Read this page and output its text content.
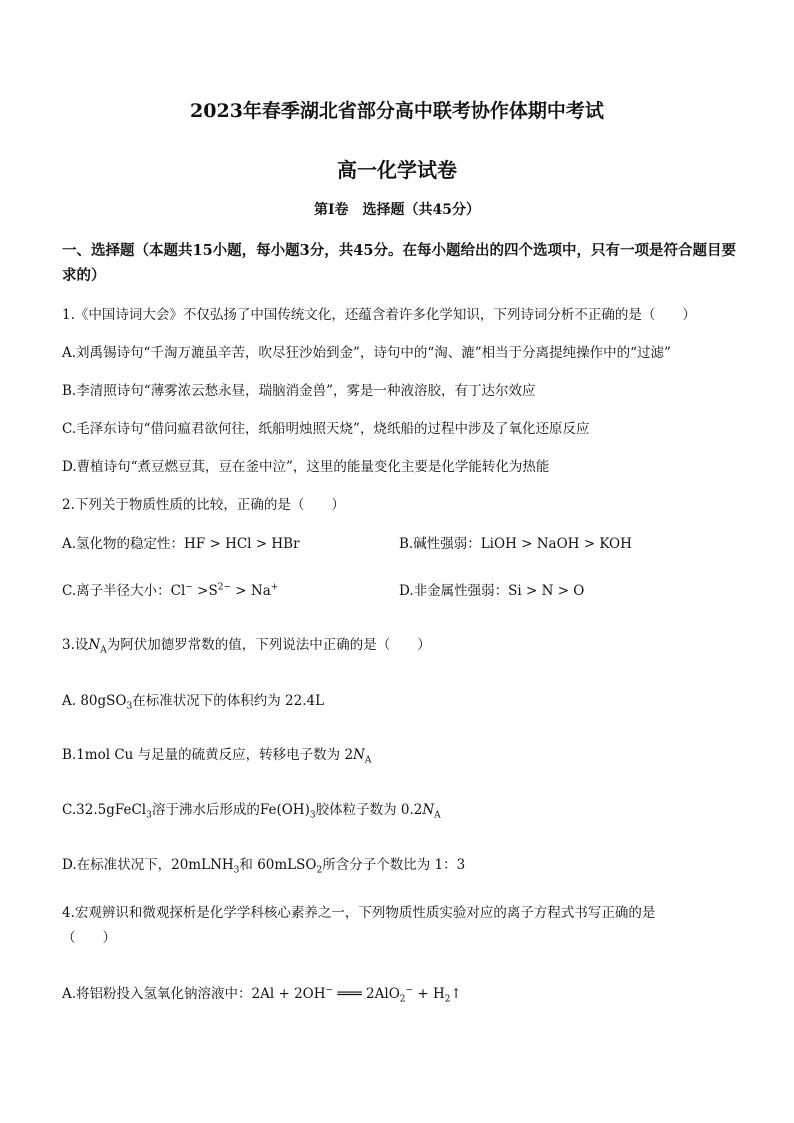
2023年春季湖北省部分高中联考协作体期中考试
高一化学试卷
第Ⅰ卷　选择题（共45分）
一、选择题（本题共15小题，每小题3分，共45分。在每小题给出的四个选项中，只有一项是符合题目要求的）
1.《中国诗词大会》不仅弘扬了中国传统文化，还蕴含着许多化学知识，下列诗词分析不正确的是（　　）
A.刘禹锡诗句“千淘万漉虽辛苦，吹尽狂沙始到金”，诗句中的“淘、漉”相当于分离提纯操作中的“过滤”
B.李清照诗句“薄雾浓云愁永昼，瑞脑消金兽”，雾是一种液溶胶，有丁达尔效应
C.毛泽东诗句“借问瘟君欲何往，纸船明烛照天烧”，烧纸船的过程中涉及了氧化还原反应
D.曹植诗句“煮豆燃豆萁，豆在釜中泣”，这里的能量变化主要是化学能转化为热能
2.下列关于物质性质的比较，正确的是（　　）
A.氢化物的稳定性：HF > HCl > HBr	B.碱性强弱：LiOH > NaOH > KOH
C.离子半径大小：$Cl^- >S^{2-} > Na^+$	D.非金属性强弱：Si > N > O
3.设$N_A$为阿伏加德罗常数的值，下列说法中正确的是（　　）
A. 80gSO$_3$在标准状况下的体积约为 22.4L
B.1mol Cu 与足量的硫黄反应，转移电子数为 $2N_A$
C.32.5gFeCl$_3$溶于沸水后形成的$Fe(OH)_3$胶体粒子数为 $0.2N_A$
D.在标准状况下，20mLNH$_3$和 60mLSO$_2$所含分子个数比为 1：3
4.宏观辨识和微观探析是化学学科核心素养之一，下列物质性质实验对应的离子方程式书写正确的是
（　　）
A.将铝粉投入氢氧化钠溶液中：2Al + 2OH− ═══ $2AlO_2^- + H_2↑$
